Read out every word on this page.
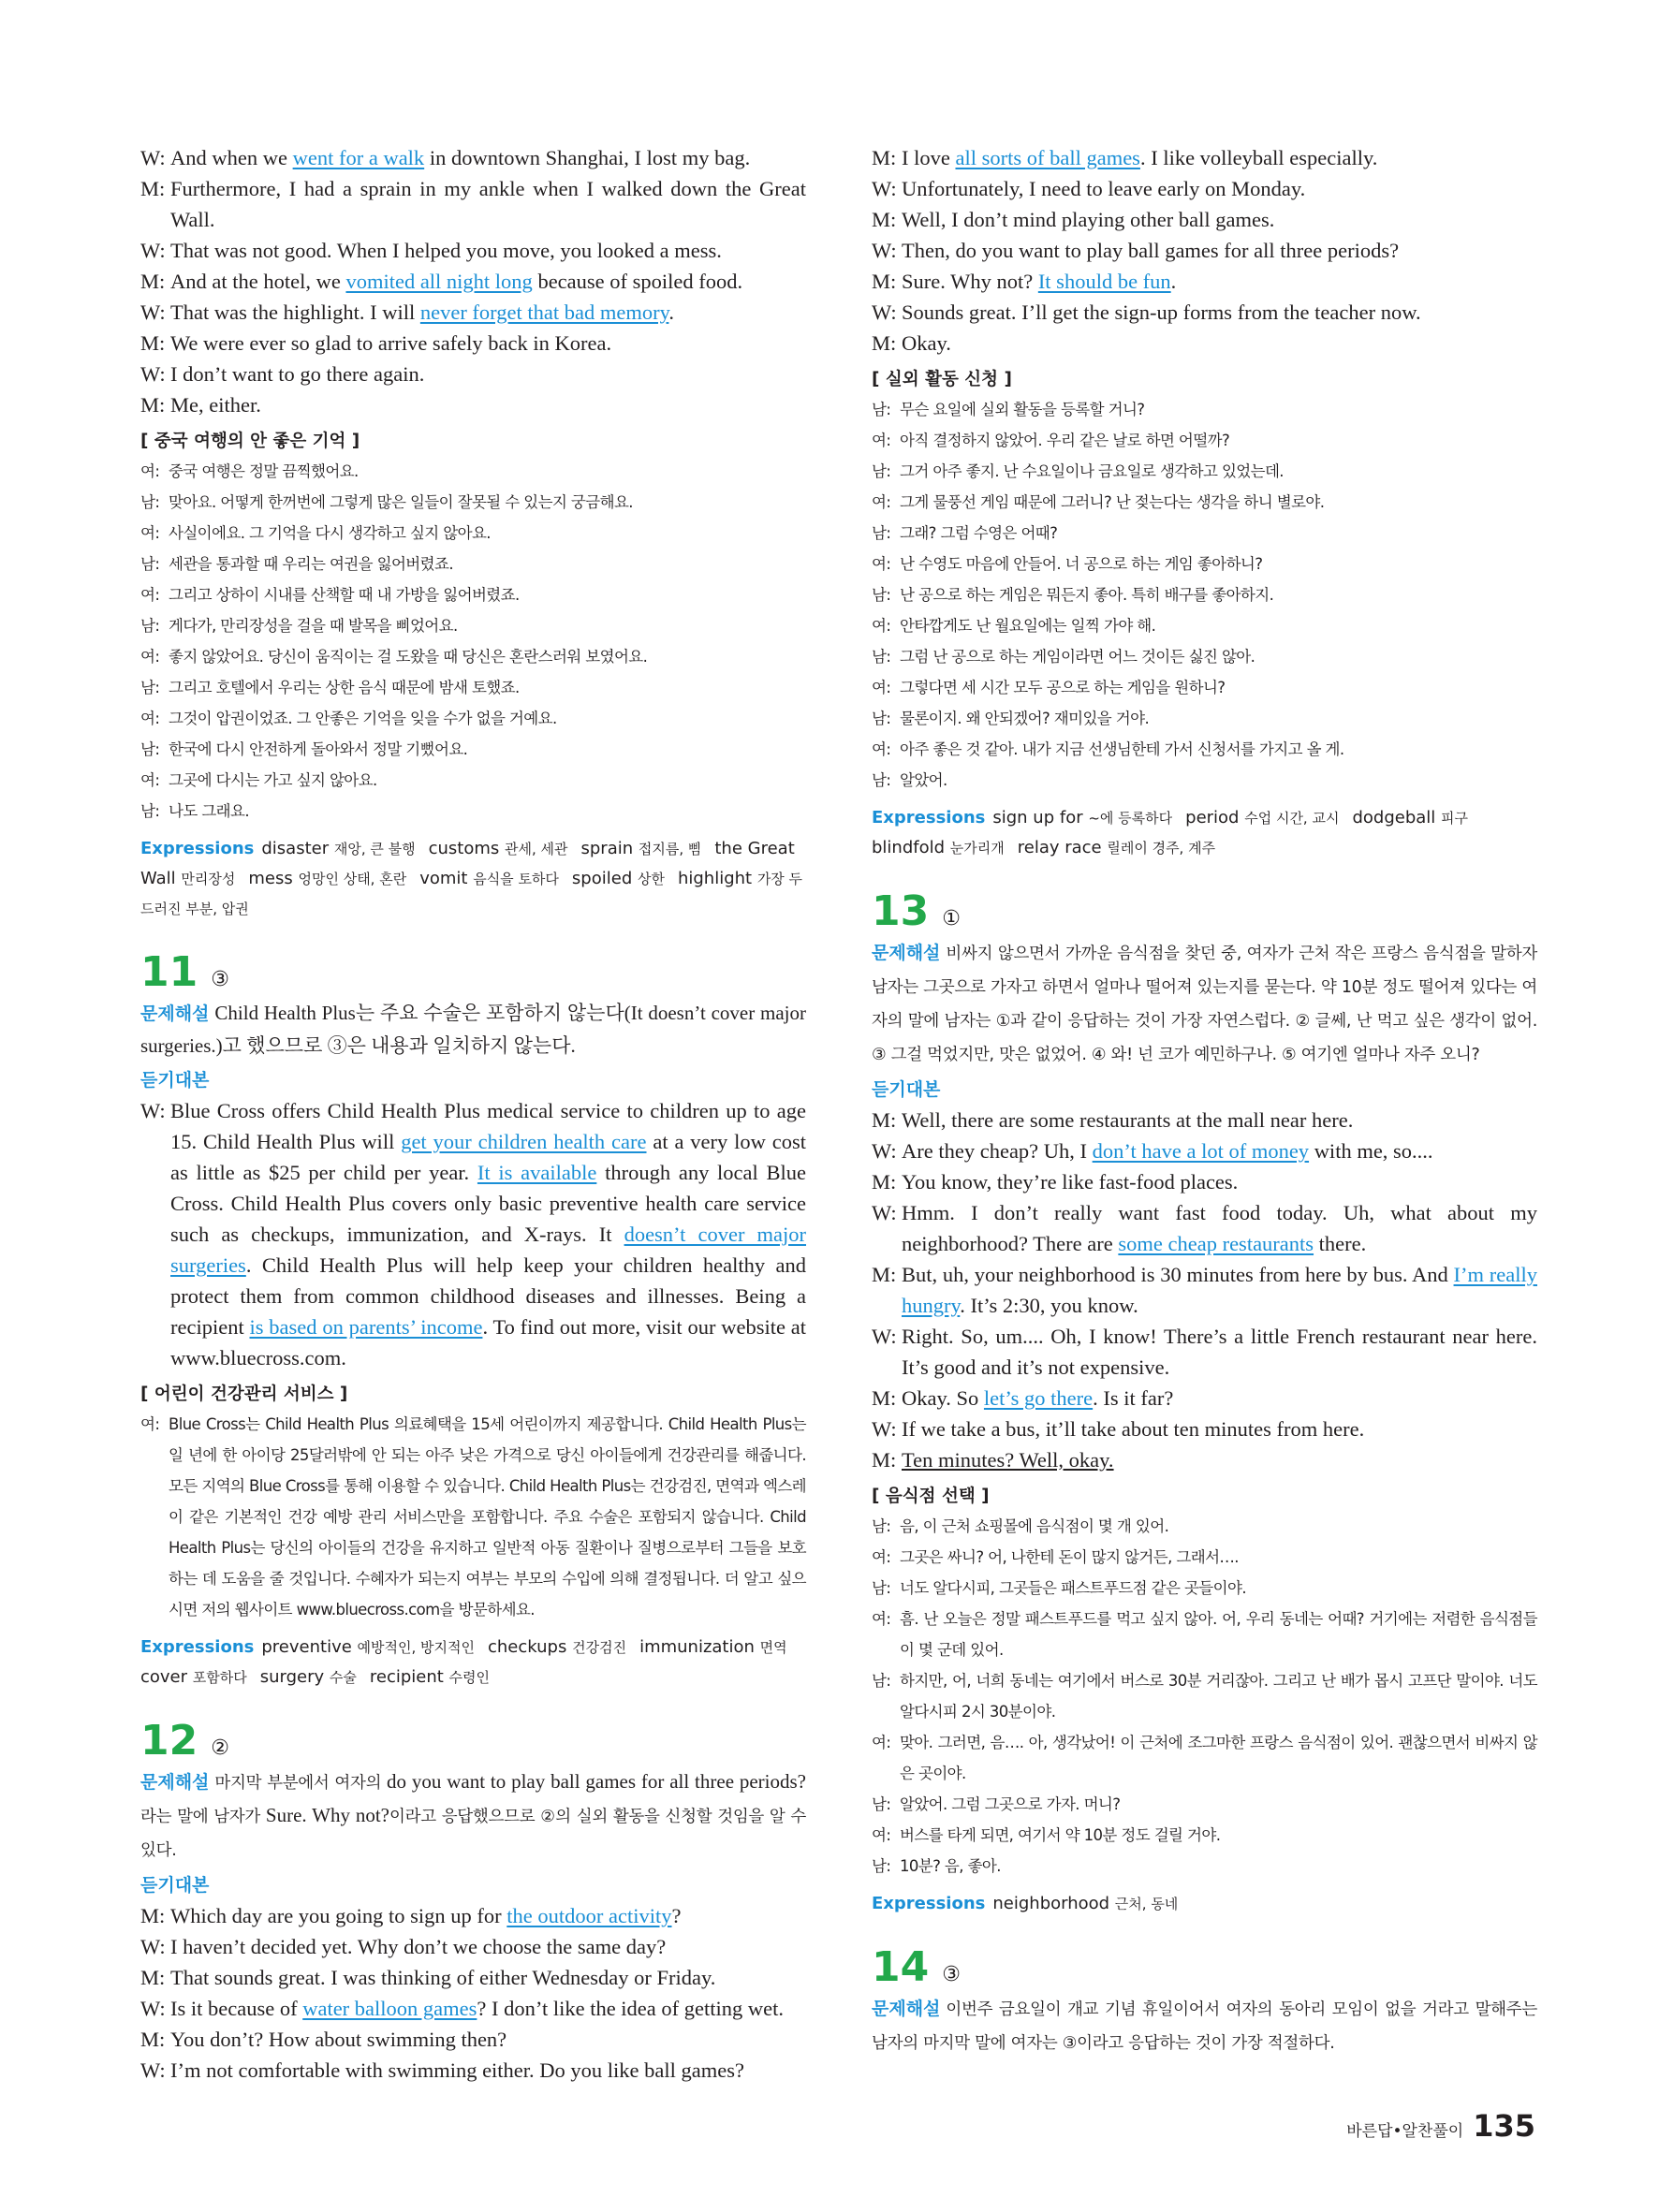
W: And when we went for a walk in downtown Shanghai, I lost my bag.
M: Furthermore, I had a sprain in my ankle when I walked down the Great Wall.
W: That was not good. When I helped you move, you looked a mess.
M: And at the hotel, we vomited all night long because of spoiled food.
W: That was the highlight. I will never forget that bad memory.
M: We were ever so glad to arrive safely back in Korea.
W: I don’t want to go there again.
M: Me, either.
[ 중국 여행의 안 좋은 기억 ]
여: 중국 여행은 정말 끔찍했어요.
남: 맞아요. 어떻게 한꺼번에 그렇게 많은 일들이 잘못될 수 있는지 궁금해요.
여: 사실이에요. 그 기억을 다시 생각하고 싶지 않아요.
남: 세관을 통과할 때 우리는 여권을 잃어버렸죠.
여: 그리고 상하이 시내를 산책할 때 내 가방을 잃어버렸죠.
남: 게다가, 만리장성을 걸을 때 발목을 삐었어요.
여: 좋지 않았어요. 당신이 움직이는 걸 도왔을 때 당신은 혼란스러워 보였어요.
남: 그리고 호텔에서 우리는 상한 음식 때문에 밤새 토했죠.
여: 그것이 압권이었죠. 그 안좋은 기억을 잊을 수가 없을 거예요.
남: 한국에 다시 안전하게 돌아와서 정말 기뻤어요.
여: 그곳에 다시는 가고 싶지 않아요.
남: 나도 그래요.
Expressions disaster 재앙, 큰 불행 customs 관세, 세관 sprain 접지름, 삠 the Great Wall 만리장성 mess 엉망인 상태, 혼란 vomit 음식을 토하다 spoiled 상한 highlight 가장 두드러진 부분, 압권
11 ③
문제해설 Child Health Plus는 주요 수술은 포함하지 않는다(It doesn’t cover major surgeries.)고 했으므로 ③은 내용과 일치하지 않는다.
듣기대본
W: Blue Cross offers Child Health Plus medical service to children up to age 15. Child Health Plus will get your children health care at a very low cost as little as $25 per child per year. It is available through any local Blue Cross. Child Health Plus covers only basic preventive health care service such as checkups, immunization, and X-rays. It doesn’t cover major surgeries. Child Health Plus will help keep your children healthy and protect them from common childhood diseases and illnesses. Being a recipient is based on parents’ income. To find out more, visit our website at www.bluecross.com.
[ 어린이 건강관리 서비스 ]
여: Blue Cross는 Child Health Plus 의료혜택을 15세 어린이까지 제공합니다. Child Health Plus는 일 년에 한 아이당 25달러밖에 안 되는 아주 낮은 가격으로 당신 아이들에게 건강관리를 해줍니다. 모든 지역의 Blue Cross를 통해 이용할 수 있습니다. Child Health Plus는 건강검진, 면역과 엑스레이 같은 기본적인 건강 예방 관리 서비스만을 포함합니다. 주요 수술은 포함되지 않습니다. Child Health Plus는 당신의 아이들의 건강을 유지하고 일반적 아동 질환이나 질병으로부터 그들을 보호하는 데 도움을 줄 것입니다. 수혜자가 되는지 여부는 부모의 수입에 의해 결정됩니다. 더 알고 싶으시면 저의 웹사이트 www.bluecross.com을 방문하세요.
Expressions preventive 예방적인, 방지적인 checkups 건강검진 immunization 면역cover 포함하다 surgery 수술 recipient 수령인
12 ②
문제해설 마지막 부분에서 여자의 do you want to play ball games for all three periods?라는 말에 남자가 Sure. Why not?이라고 응답했으므로 ②의 실외 활동을 신청할 것임을 알 수 있다.
듣기대본
M: Which day are you going to sign up for the outdoor activity?
W: I haven’t decided yet. Why don’t we choose the same day?
M: That sounds great. I was thinking of either Wednesday or Friday.
W: Is it because of water balloon games? I don’t like the idea of getting wet.
M: You don’t? How about swimming then?
W: I’m not comfortable with swimming either. Do you like ball games?
M: I love all sorts of ball games. I like volleyball especially.
W: Unfortunately, I need to leave early on Monday.
M: Well, I don’t mind playing other ball games.
W: Then, do you want to play ball games for all three periods?
M: Sure. Why not? It should be fun.
W: Sounds great. I’ll get the sign-up forms from the teacher now.
M: Okay.
[ 실외 활동 신청 ]
남: 무슨 요일에 실외 활동을 등록할 거니?
여: 아직 결정하지 않았어. 우리 같은 날로 하면 어떨까?
남: 그거 아주 좋지. 난 수요일이나 금요일로 생각하고 있었는데.
여: 그게 물풍선 게임 때문에 그러니? 난 젖는다는 생각을 하니 별로야.
남: 그래? 그럼 수영은 어때?
여: 난 수영도 마음에 안들어. 너 공으로 하는 게임 좋아하니?
남: 난 공으로 하는 게임은 뭐든지 좋아. 특히 배구를 좋아하지.
여: 안타깝게도 난 월요일에는 일찍 가야 해.
남: 그럼 난 공으로 하는 게임이라면 어느 것이든 싫진 않아.
여: 그렇다면 세 시간 모두 공으로 하는 게임을 원하니?
남: 물론이지. 왜 안되겠어? 재미있을 거야.
여: 아주 좋은 것 같아. 내가 지금 선생님한테 가서 신청서를 가지고 올 게.
남: 알았어.
Expressions sign up for ~에 등록하다 period 수업 시간, 교시 dodgeball 피구blindfold 눈가리개 relay race 릴레이 경주, 계주
13 ①
문제해설 비싸지 않으면서 가까운 음식점을 찾던 중, 여자가 근처 작은 프랑스 음식점을 말하자 남자는 그곳으로 가자고 하면서 얼마나 떨어져 있는지를 묻는다. 약 10분 정도 떨어져 있다는 여자의 말에 남자는 ①과 같이 응답하는 것이 가장 자연스럽다. ② 글쎄, 난 먹고 싶은 생각이 없어. ③ 그걸 먹었지만, 맛은 없었어. ④ 와! 넌 코가 예민하구나. ⑤ 여기엔 얼마나 자주 오니?
듣기대본
M: Well, there are some restaurants at the mall near here.
W: Are they cheap? Uh, I don’t have a lot of money with me, so....
M: You know, they’re like fast-food places.
W: Hmm. I don’t really want fast food today. Uh, what about my neighborhood? There are some cheap restaurants there.
M: But, uh, your neighborhood is 30 minutes from here by bus. And I’m really hungry. It’s 2:30, you know.
W: Right. So, um.... Oh, I know! There’s a little French restaurant near here. It’s good and it’s not expensive.
M: Okay. So let’s go there. Is it far?
W: If we take a bus, it’ll take about ten minutes from here.
M: Ten minutes? Well, okay.
[ 음식점 선택 ]
남: 음, 이 근처 쇼핑몰에 음식점이 몇 개 있어.
여: 그곳은 싸니? 어, 나한테 돈이 많지 않거든, 그래서….
남: 너도 알다시피, 그곳들은 패스트푸드점 같은 곳들이야.
여: 흠. 난 오늘은 정말 패스트푸드를 먹고 싶지 않아. 어, 우리 동네는 어때? 거기에는 저렴한 음식점들이 몇 군데 있어.
남: 하지만, 어, 너희 동네는 여기에서 버스로 30분 거리잖아. 그리고 난 배가 몹시 고프단 말이야. 너도 알다시피 2시 30분이야.
여: 맞아. 그러면, 음…. 아, 생각났어! 이 근처에 조그마한 프랑스 음식점이 있어. 괜찮으면서 비싸지 않은 곳이야.
남: 알았어. 그럼 그곳으로 가자. 머니?
여: 버스를 타게 되면, 여기서 약 10분 정도 걸릴 거야.
남: 10분? 음, 좋아.
Expressions neighborhood 근처, 동네
14 ③
문제해설 이번주 금요일이 개교 기념 휴일이어서 여자의 동아리 모임이 없을 거라고 말해주는 남자의 마지막 말에 여자는 ③이라고 응답하는 것이 가장 적절하다.
바른답•알찬풀이 135
